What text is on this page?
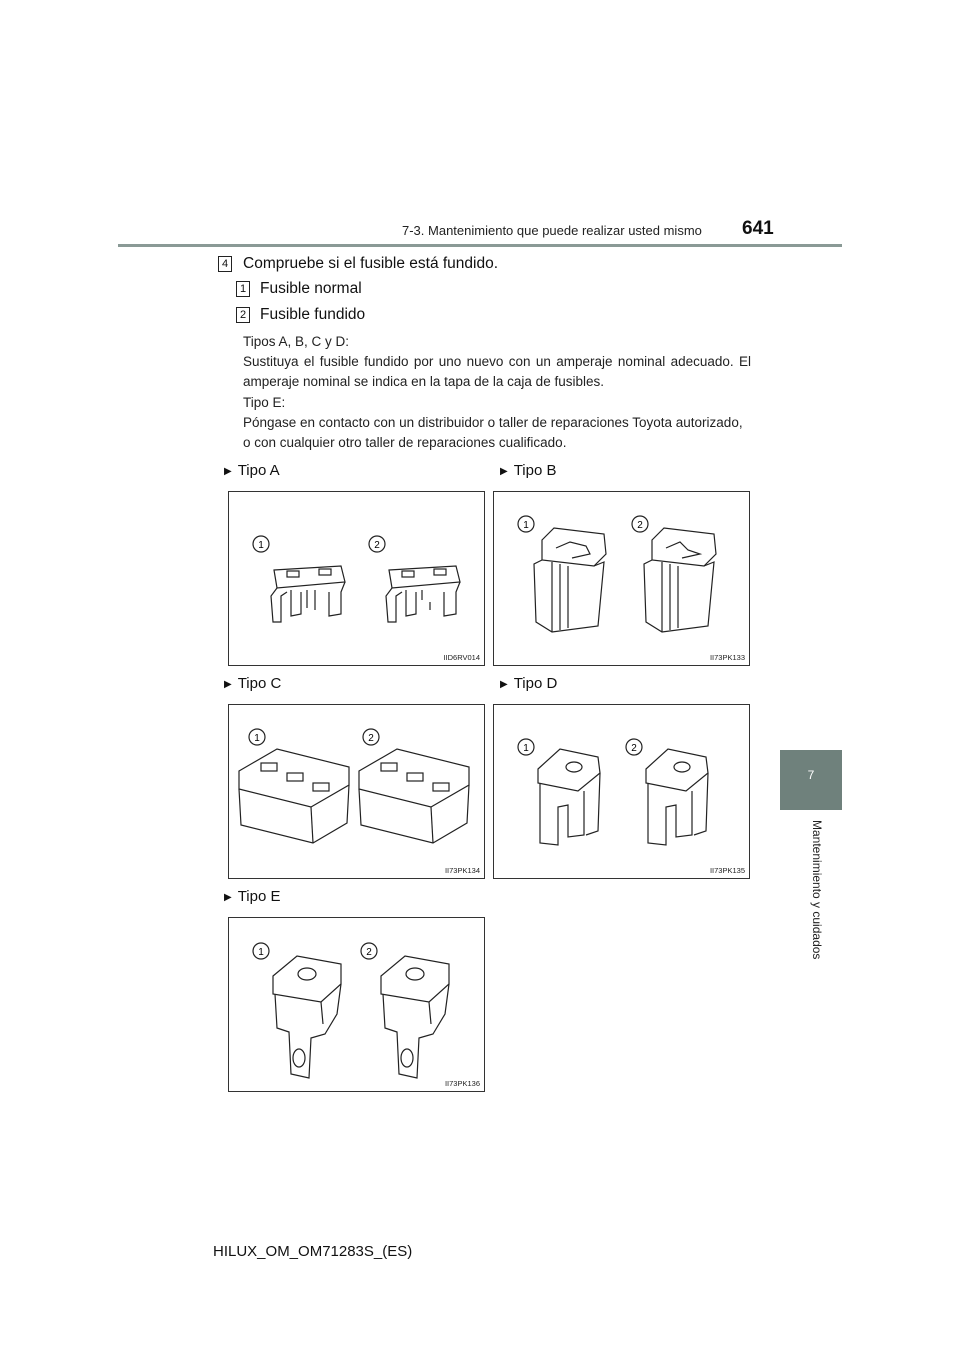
7-3. Mantenimiento que puede realizar usted mismo 641
7
Mantenimiento y cuidados
4 Compruebe si el fusible está fundido.
1 Fusible normal
2 Fusible fundido

Tipos A, B, C y D:

Sustituya el fusible fundido por uno nuevo con un amperaje nominal adecuado. El amperaje nominal se indica en la tapa de la caja de fusibles.

Tipo E:

Póngase en contacto con un distribuidor o taller de reparaciones Toyota autorizado, o con cualquier otro taller de reparaciones cualificado.

▶ Tipo A	▶ Tipo B
▶ Tipo C	▶ Tipo D
▶ Tipo E
1	2
IID6RV014
1	2
II73PK133
1	2
II73PK134
1	2
II73PK135
1	2
II73PK136
HILUX_OM_OM71283S_(ES)
